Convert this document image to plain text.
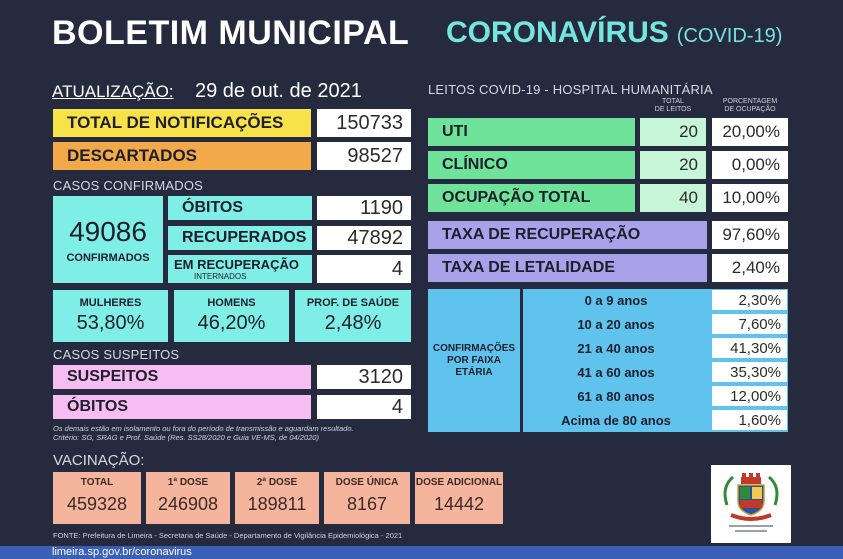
BOLETIM MUNICIPAL CORONAVÍRUS (COVID-19)
ATUALIZAÇÃO: 29 de out. de 2021
TOTAL DE NOTIFICAÇÕES	150733
DESCARTADOS	98527
CASOS CONFIRMADOS
49086
CONFIRMADOS
ÓBITOS	1190
RECUPERADOS	47892
EM RECUPERAÇÃO
INTERNADOS	4
MULHERES
53,80%
HOMENS
46,20%
PROF. DE SAÚDE
2,48%
CASOS SUSPEITOS
SUSPEITOS	3120
ÓBITOS	4
Os demais estão em isolamento ou fora do período de transmissão e aguardam resultado.
Critério: SG, SRAG e Prof. Saúde (Res. SS28/2020 e Guia VE-MS, de 04/2020)
LEITOS COVID-19 - HOSPITAL HUMANITÁRIA
TOTAL
DE LEITOS
PORCENTAGEM
DE OCUPAÇÃO
UTI	20	20,00%
CLÍNICO	20	0,00%
OCUPAÇÃO TOTAL	40	10,00%
TAXA DE RECUPERAÇÃO	97,60%
TAXA DE LETALIDADE	2,40%
CONFIRMAÇÕES
POR FAIXA
ETÁRIA
0 a 9 anos	2,30%
10 a 20 anos	7,60%
21 a 40 anos	41,30%
41 a 60 anos	35,30%
61 a 80 anos	12,00%
Acima de 80 anos	1,60%
VACINAÇÃO:
TOTAL
459328
1ª DOSE
246908
2ª DOSE
189811
DOSE ÚNICA
8167
DOSE ADICIONAL
14442
FONTE: Prefeitura de Limeira - Secretaria de Saúde - Departamento de Vigilância Epidemiológica - 2021
limeira.sp.gov.br/coronavirus
